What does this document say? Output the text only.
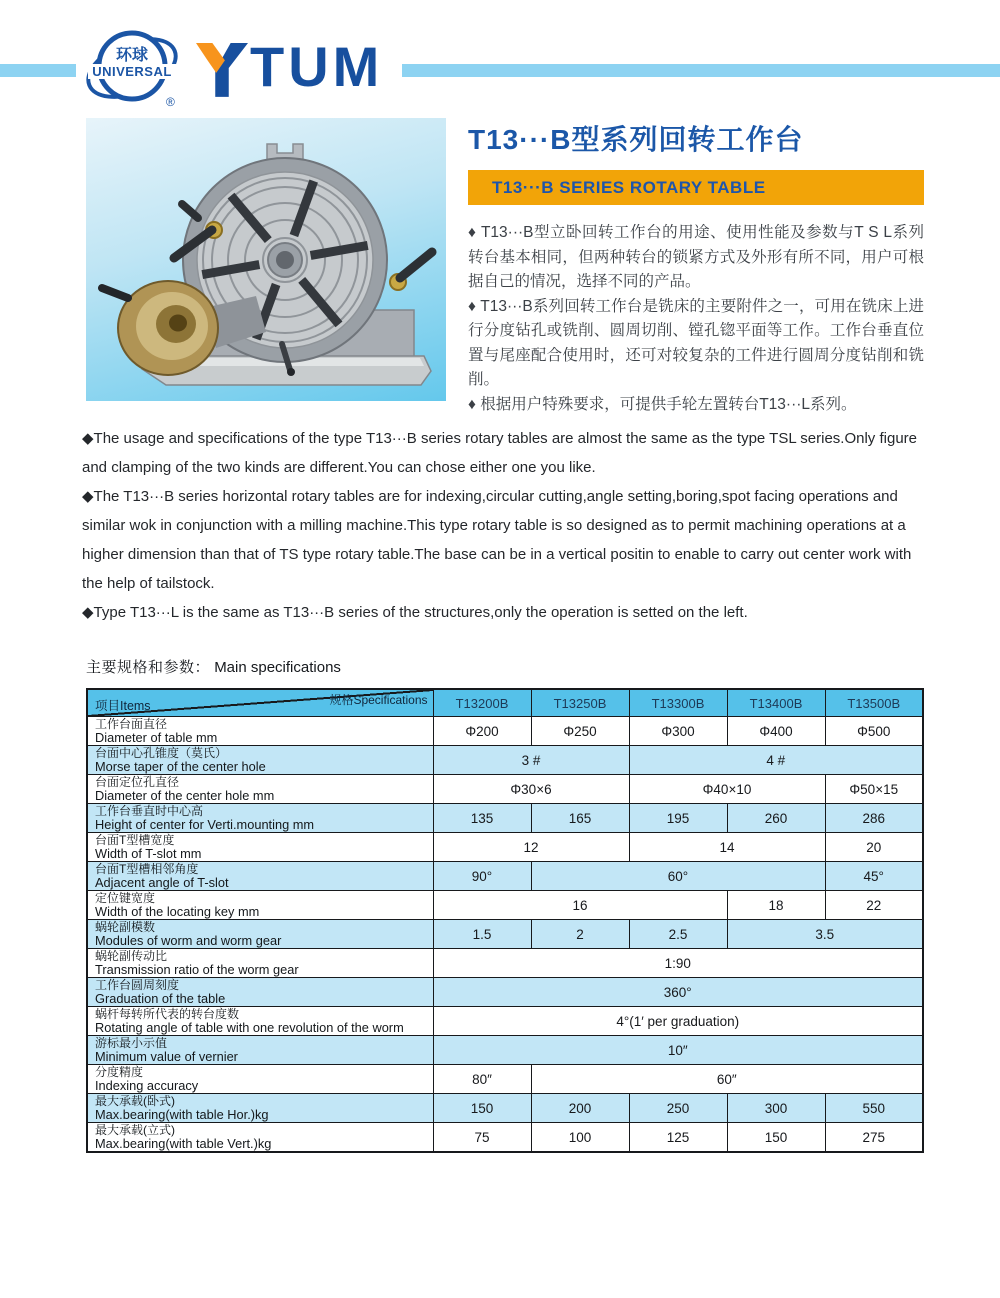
环球
UNIVERSAL
®
TUM
T13···B型系列回转工作台
T13···B SERIES ROTARY TABLE

♦ T13···B型立卧回转工作台的用途、使用性能及参数与T S L系列转台基本相同，但两种转台的锁紧方式及外形有所不同，用户可根据自己的情况，选择不同的产品。

♦ T13···B系列回转工作台是铣床的主要附件之一，可用在铣床上进行分度钻孔或铣削、圆周切削、镗孔锪平面等工作。工作台垂直位置与尾座配合使用时，还可对较复杂的工件进行圆周分度钻削和铣削。

♦ 根据用户特殊要求，可提供手轮左置转台T13···L系列。

◆The usage and specifications of the type T13···B series rotary tables are almost the same as the type TSL series.Only figure and clamping of the two kinds are different.You can chose either one you like.

◆The T13···B series horizontal rotary tables are for indexing,circular cutting,angle setting,boring,spot facing operations and similar wok in conjunction with a milling machine.This type rotary table is so designed as to permit machining operations at a higher dimension than that of TS type rotary table.The base can be in a vertical positin to enable to carry out center work with the help of tailstock.

◆Type T13···L is the same as T13···B series of the structures,only the operation is setted on the left.

主要规格和参数： Main specifications
规格Specifications
项目Items	T13200B	T13250B	T13300B	T13400B	T13500B

工作台面直径
Diameter of table mm	Φ200	Φ250	Φ300	Φ400	Φ500

台面中心孔锥度（莫氏）
Morse taper of the center hole	3 #		4 #		

台面定位孔直径
Diameter of the center hole mm	Φ30×6		Φ40×10		Φ50×15

工作台垂直时中心高
Height of center for Verti.mounting mm	135	165	195	260	286

台面T型槽宽度
Width of T-slot mm	12		14		20

台面T型槽相邻角度
Adjacent angle of T-slot	90°	60°			45°

定位键宽度
Width of the locating key mm	16			18	22

蜗轮副模数
Modules of worm and worm gear	1.5	2	2.5	3.5	

蜗轮副传动比
Transmission ratio of the worm gear	1:90				

工作台圆周刻度
Graduation of the table	360°				

蜗杆每转所代表的转台度数
Rotating angle of table with one revolution of the worm	4°(1′ per graduation)				

游标最小示值
Minimum value of vernier	10″				

分度精度
Indexing accuracy	80″	60″			

最大承载(卧式)
Max.bearing(with table Hor.)kg	150	200	250	300	550

最大承载(立式)
Max.bearing(with table Vert.)kg	75	100	125	150	275
